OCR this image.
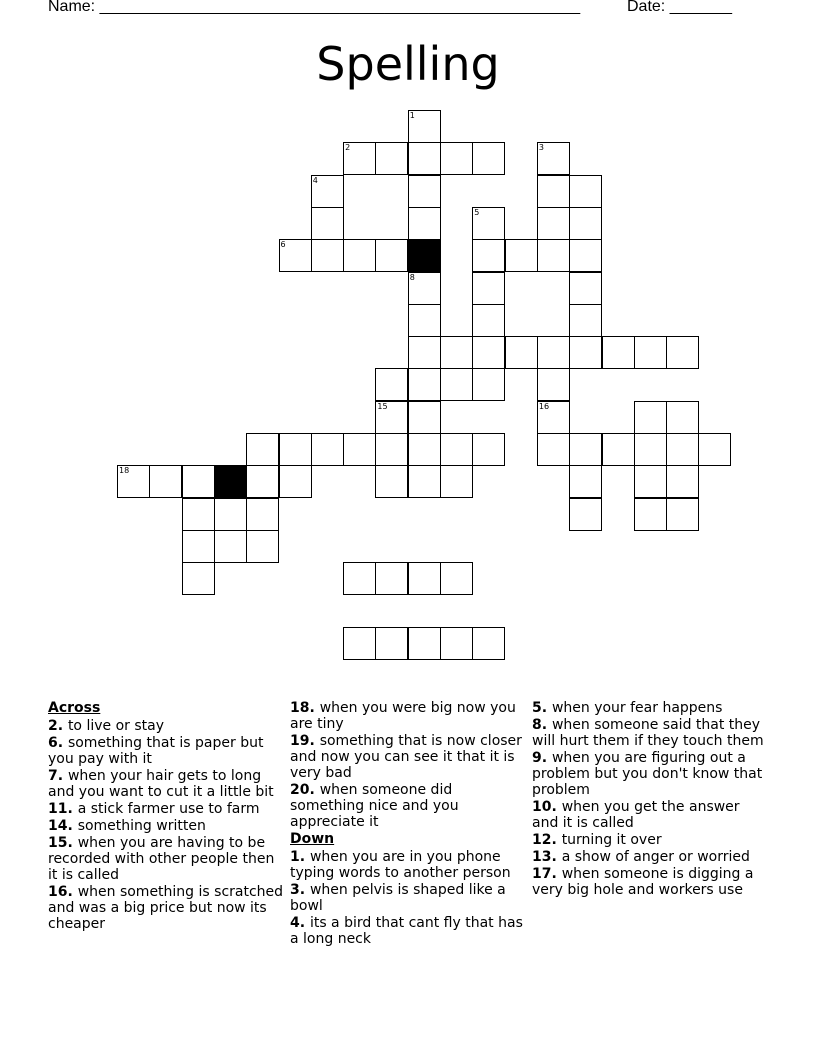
Name: ______________________________________________________	Date: _______
Spelling
1
8
2	3
4
5
6
16
15
18
Across
2. to live or stay
6. something that is paper but you pay with it
7. when your hair gets to long and you want to cut it a little bit
11. a stick farmer use to farm
14. something written
15. when you are having to be recorded with other people then it is called
16. when something is scratched and was a big price but now its cheaper
18. when you were big now you are tiny
19. something that is now closer and now you can see it that it is very bad
20. when someone did something nice and you appreciate it
Down
1. when you are in you phone typing words to another person
3. when pelvis is shaped like a bowl
4. its a bird that cant fly that has a long neck
5. when your fear happens
8. when someone said that they will hurt them if they touch them
9. when you are figuring out a problem but you don't know that problem
10. when you get the answer and it is called
12. turning it over
13. a show of anger or worried
17. when someone is digging a very big hole and workers use
